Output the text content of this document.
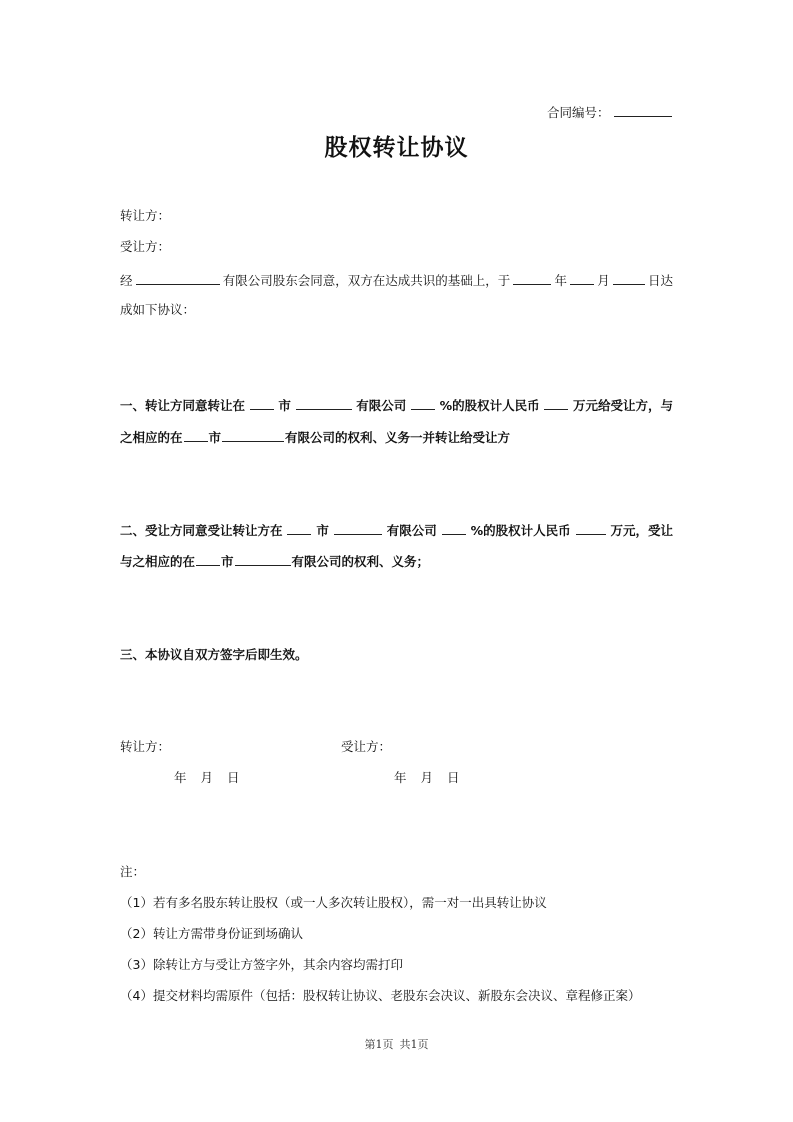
合同编号：
股权转让协议
转让方：
受让方：
经	有限公司股东会同意，双方在达成共识的基础上，于	年 月	日达
成如下协议：
一、转让方同意转让在	市	有限公司	%的股权计人民币	万元给受让方，与
之相应的在 市	有限公司的权利、义务一并转让给受让方
二、受让方同意受让转让方在	市	有限公司	%的股权计人民币	万元，受让
与之相应的在 市	有限公司的权利、义务；
三、本协议自双方签字后即生效。
转让方：	受让方：
年 月 日	年 月 日
注：
（1）若有多名股东转让股权（或一人多次转让股权），需一对一出具转让协议
（2）转让方需带身份证到场确认
（3）除转让方与受让方签字外，其余内容均需打印
（4）提交材料均需原件（包括：股权转让协议、老股东会决议、新股东会决议、章程修正案）
第1页 共1页
